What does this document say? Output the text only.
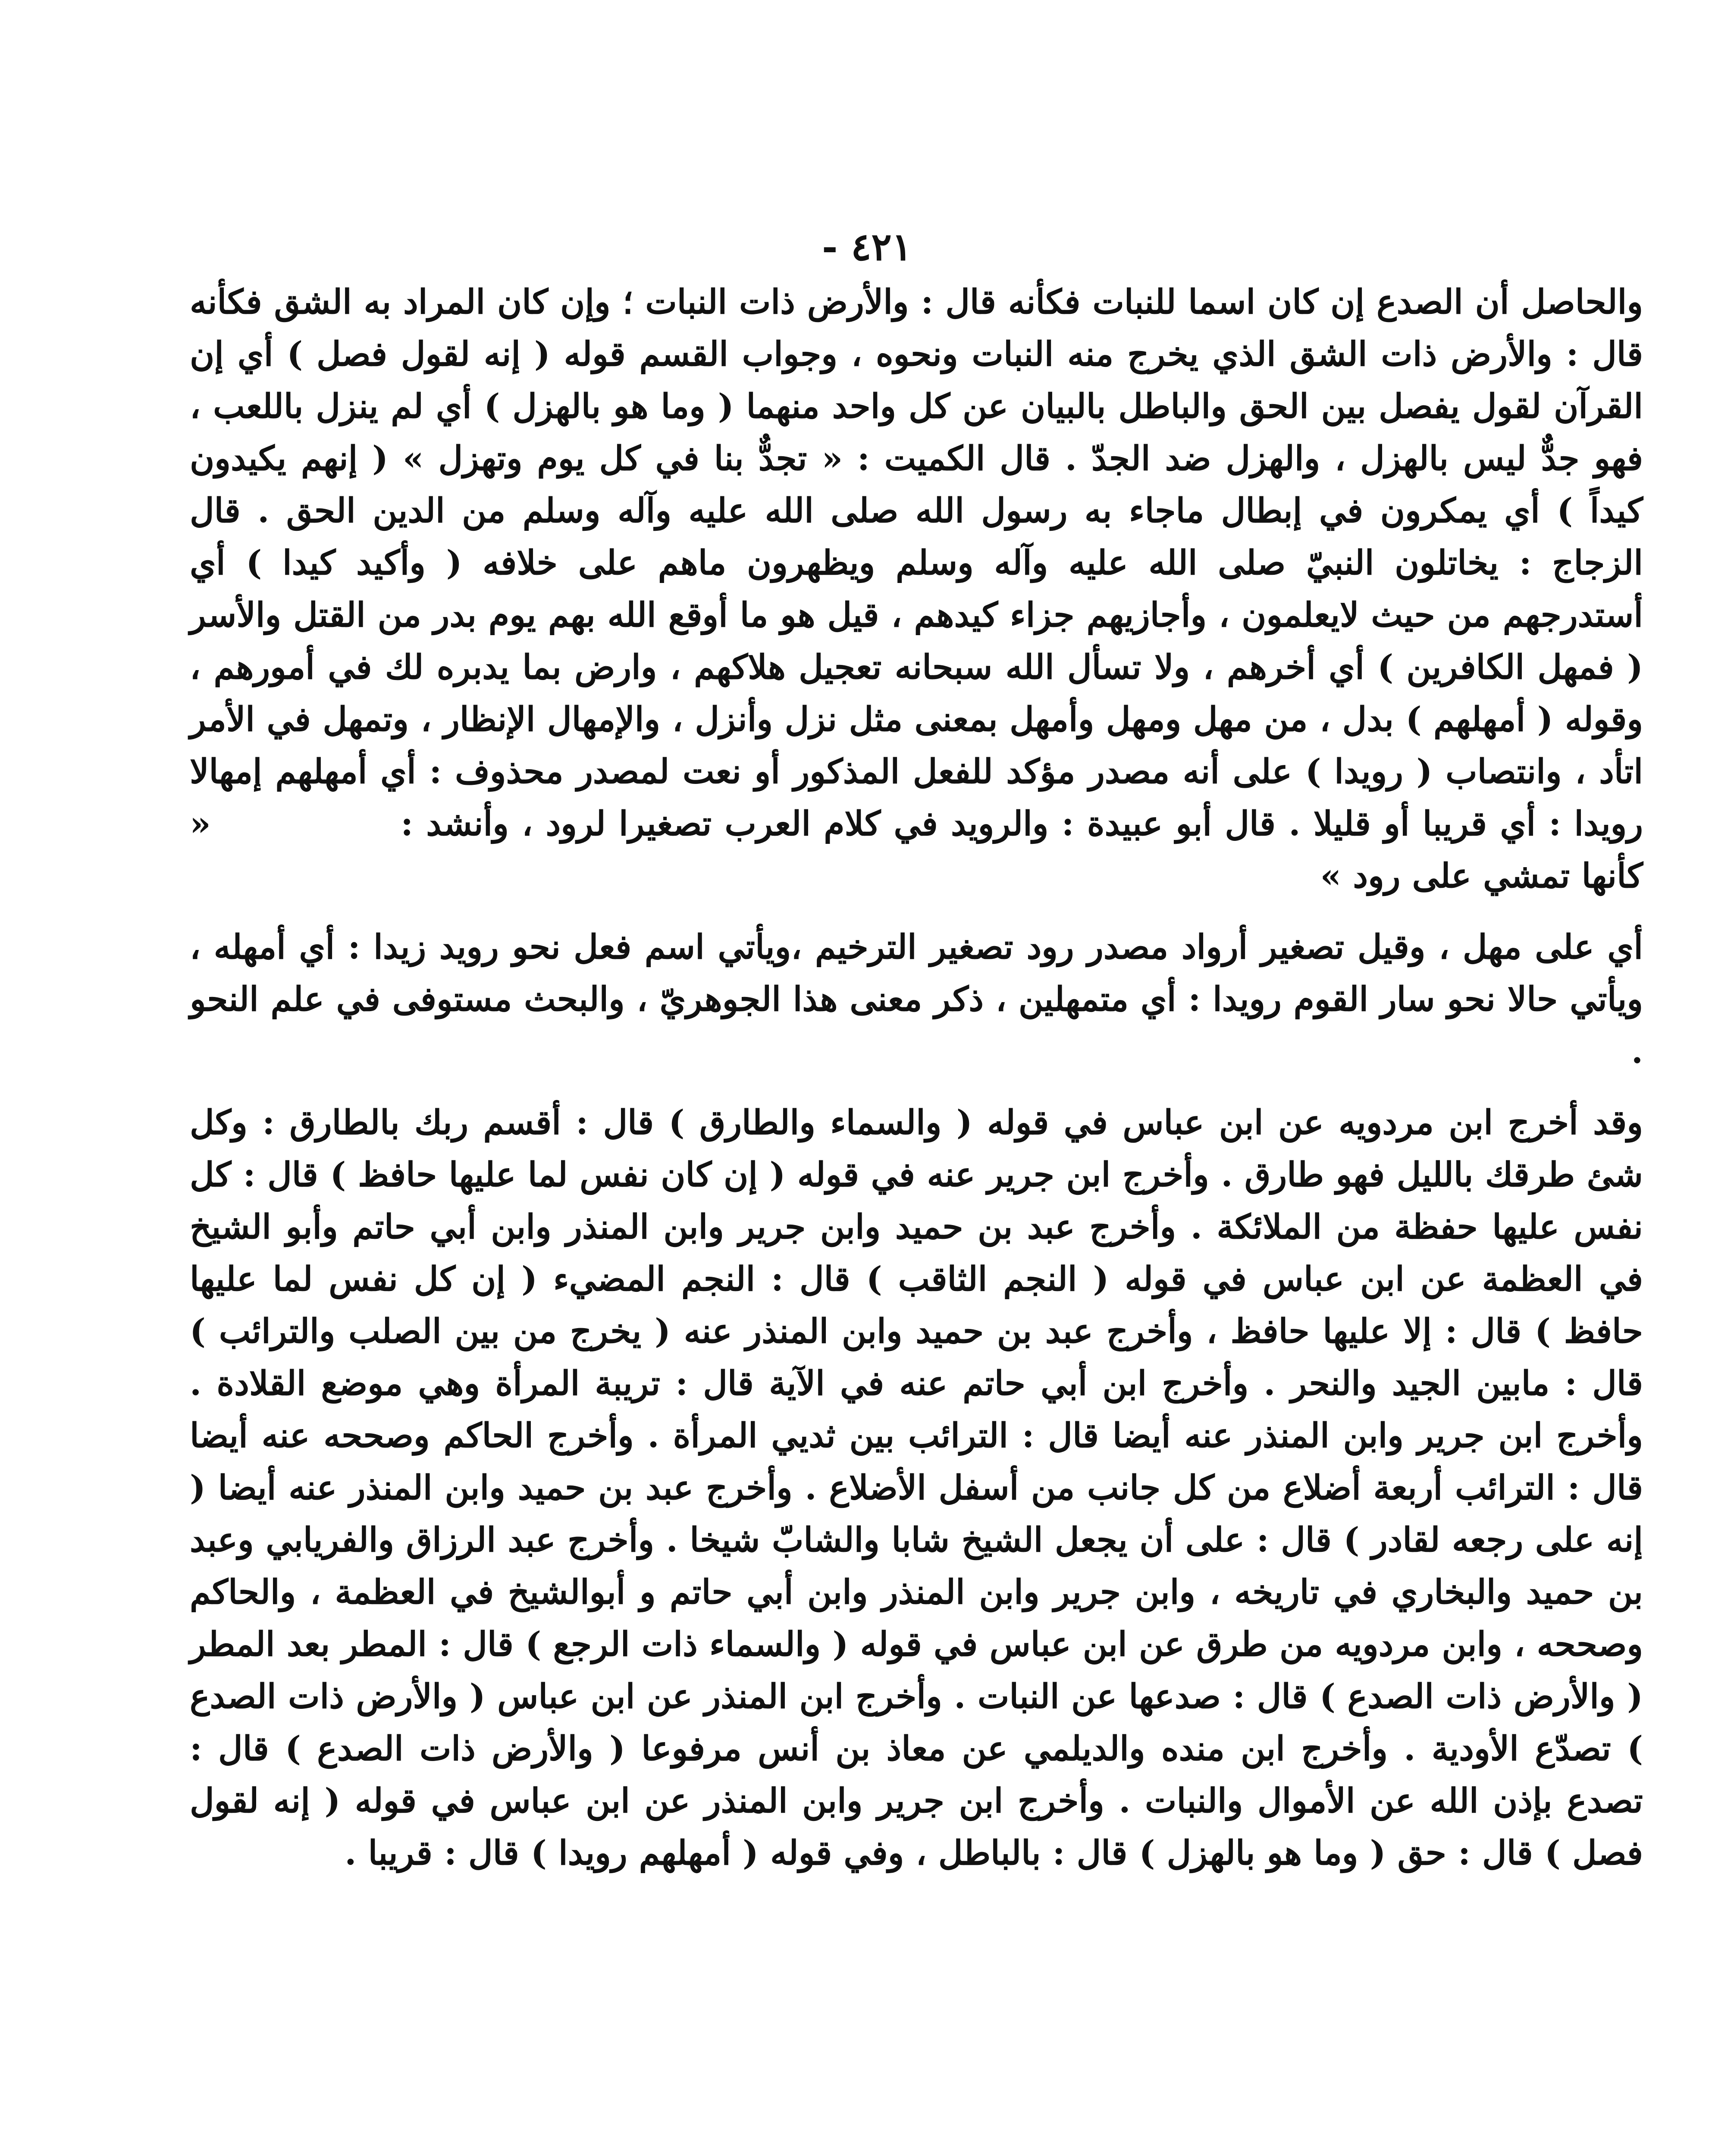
٤٢١ -

والحاصل أن الصدع إن كان اسما للنبات فكأنه قال : والأرض ذات النبات ؛ وإن كان المراد به الشق فكأنه قال : والأرض ذات الشق الذي يخرج منه النبات ونحوه ، وجواب القسم قوله ( إنه لقول فصل ) أي إن القرآن لقول يفصل بين الحق والباطل بالبيان عن كل واحد منهما ( وما هو بالهزل ) أي لم ينزل باللعب ، فهو جدٌّ ليس بالهزل ، والهزل ضد الجدّ . قال الكميت : « تجدٌّ بنا في كل يوم وتهزل » ( إنهم يكيدون كيداً ) أي يمكرون في إبطال ماجاء به رسول الله صلى الله عليه وآله وسلم من الدين الحق . قال الزجاج : يخاتلون النبيّ صلى الله عليه وآله وسلم ويظهرون ماهم على خلافه ( وأكيد كيدا ) أي أستدرجهم من حيث لايعلمون ، وأجازيهم جزاء كيدهم ، قيل هو ما أوقع الله بهم يوم بدر من القتل والأسر ( فمهل الكافرين ) أي أخرهم ، ولا تسأل الله سبحانه تعجيل هلاكهم ، وارض بما يدبره لك في أمورهم ، وقوله ( أمهلهم ) بدل ، من مهل ومهل وأمهل بمعنى مثل نزل وأنزل ، والإمهال الإنظار ، وتمهل في الأمر اتأد ، وانتصاب ( رويدا ) على أنه مصدر مؤكد للفعل المذكور أو نعت لمصدر محذوف : أي أمهلهم إمهالا رويدا : أي قريبا أو قليلا . قال أبو عبيدة : والرويد في كلام العرب تصغيرا لرود ، وأنشد :  « كأنها تمشي على رود »

أي على مهل ، وقيل تصغير أرواد مصدر رود تصغير الترخيم ،ويأتي اسم فعل نحو رويد زيدا : أي أمهله ، ويأتي حالا نحو سار القوم رويدا : أي متمهلين ، ذكر معنى هذا الجوهريّ ، والبحث مستوفى في علم النحو .

وقد أخرج ابن مردويه عن ابن عباس في قوله ( والسماء والطارق ) قال : أقسم ربك بالطارق : وكل شئ طرقك بالليل فهو طارق . وأخرج ابن جرير عنه في قوله ( إن كان نفس لما عليها حافظ ) قال : كل نفس عليها حفظة من الملائكة . وأخرج عبد بن حميد وابن جرير وابن المنذر وابن أبي حاتم وأبو الشيخ في العظمة عن ابن عباس في قوله ( النجم الثاقب ) قال : النجم المضيء ( إن كل نفس لما عليها حافظ ) قال : إلا عليها حافظ ، وأخرج عبد بن حميد وابن المنذر عنه ( يخرج من بين الصلب والترائب ) قال : مابين الجيد والنحر . وأخرج ابن أبي حاتم عنه في الآية قال : تريبة المرأة وهي موضع القلادة . وأخرج ابن جرير وابن المنذر عنه أيضا قال : الترائب بين ثديي المرأة . وأخرج الحاكم وصححه عنه أيضا قال : الترائب أربعة أضلاع من كل جانب من أسفل الأضلاع . وأخرج عبد بن حميد وابن المنذر عنه أيضا ( إنه على رجعه لقادر ) قال : على أن يجعل الشيخ شابا والشابّ شيخا . وأخرج عبد الرزاق والفريابي وعبد بن حميد والبخاري في تاريخه ، وابن جرير وابن المنذر وابن أبي حاتم و أبوالشيخ في العظمة ، والحاكم وصححه ، وابن مردويه من طرق عن ابن عباس في قوله ( والسماء ذات الرجع ) قال : المطر بعد المطر ( والأرض ذات الصدع ) قال : صدعها عن النبات . وأخرج ابن المنذر عن ابن عباس ( والأرض ذات الصدع ) تصدّع الأودية . وأخرج ابن منده والديلمي عن معاذ بن أنس مرفوعا ( والأرض ذات الصدع ) قال : تصدع بإذن الله عن الأموال والنبات . وأخرج ابن جرير وابن المنذر عن ابن عباس في قوله ( إنه لقول فصل ) قال : حق ( وما هو بالهزل ) قال : بالباطل ، وفي قوله ( أمهلهم رويدا ) قال : قريبا .
